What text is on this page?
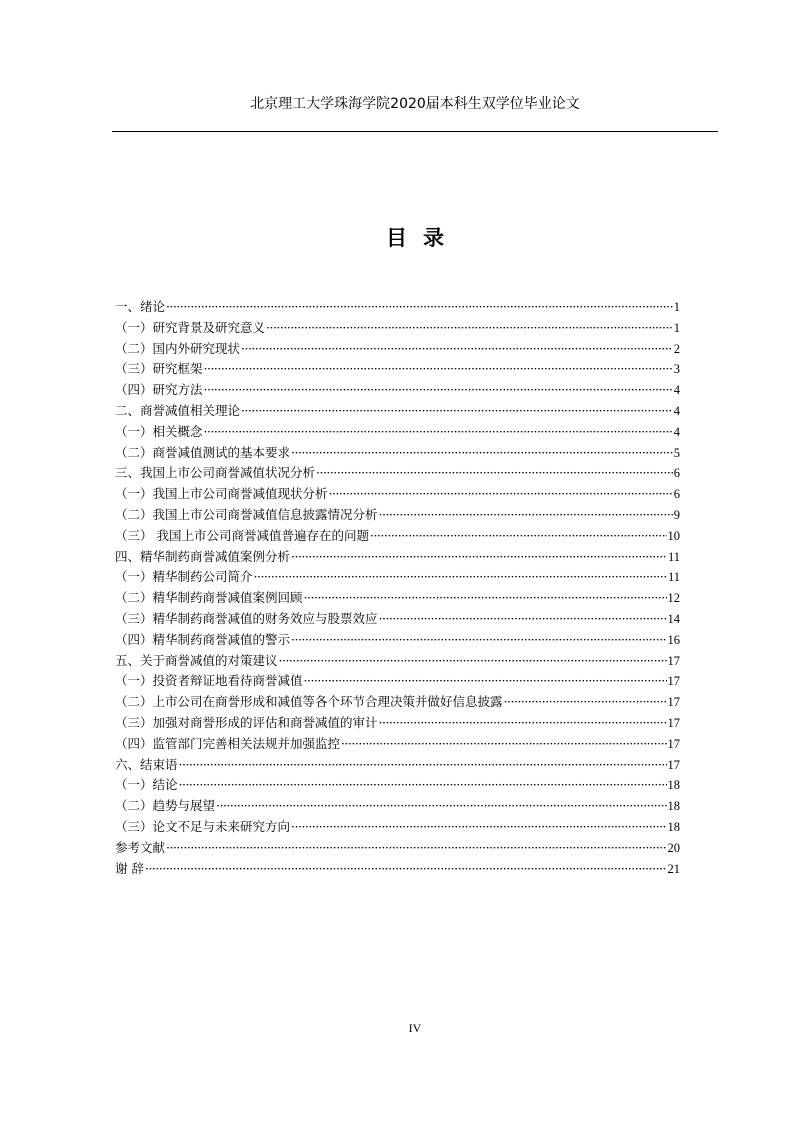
北京理工大学珠海学院2020届本科生双学位毕业论文
目录
一、绪论 ·····	1
（一）研究背景及研究意义 ·····	1
（二）国内外研究现状 ·····	2
（三）研究框架 ·····	3
（四）研究方法 ·····	4
二、商誉减值相关理论 ·····	4
（一）相关概念 ·····	4
（二）商誉减值测试的基本要求 ·····	5
三、我国上市公司商誉减值状况分析 ·····	6
（一）我国上市公司商誉减值现状分析 ·····	6
（二）我国上市公司商誉减值信息披露情况分析 ·····	9
（三） 我国上市公司商誉减值普遍存在的问题 ·····	10
四、精华制药商誉减值案例分析 ·····	11
（一）精华制药公司简介 ·····	11
（二）精华制药商誉减值案例回顾 ·····	12
（三）精华制药商誉减值的财务效应与股票效应 ·····	14
（四）精华制药商誉减值的警示 ·····	16
五、关于商誉减值的对策建议 ·····	17
（一）投资者辩证地看待商誉减值 ·····	17
（二）上市公司在商誉形成和减值等各个环节合理决策并做好信息披露 ·····	17
（三）加强对商誉形成的评估和商誉减值的审计 ·····	17
（四）监管部门完善相关法规并加强监控 ·····	17
六、结束语 ·····	17
（一）结论 ·····	18
（二）趋势与展望 ·····	18
（三）论文不足与未来研究方向 ·····	18
参考文献 ·····	20
谢 辞 ·····	21
IV
